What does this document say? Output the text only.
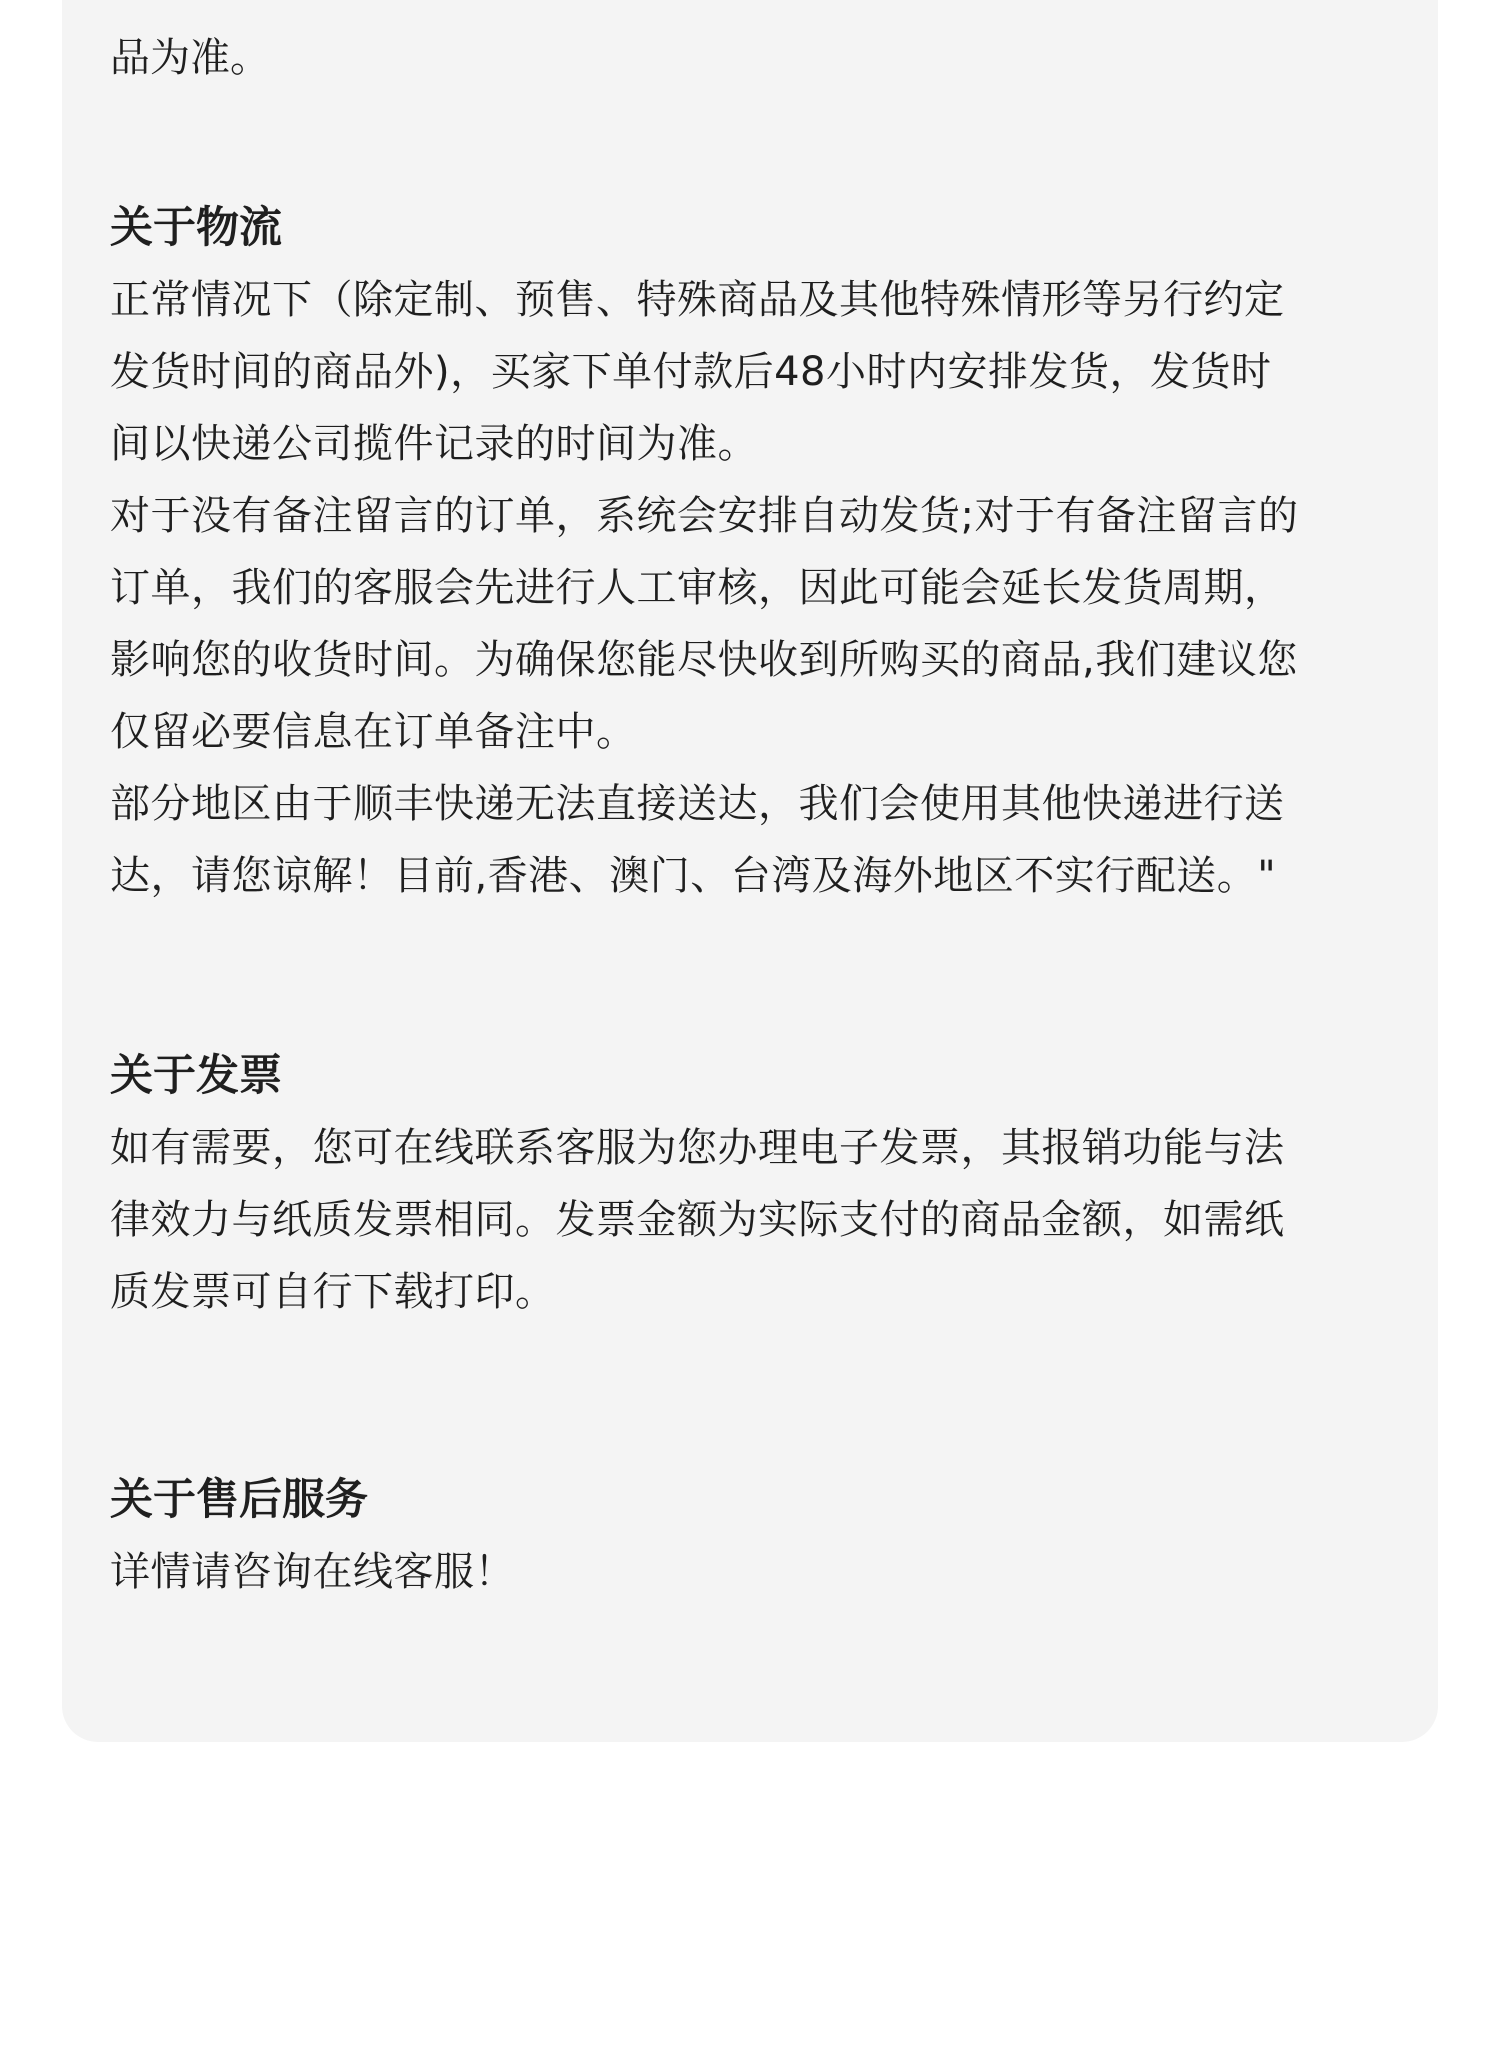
品为准。

关于物流

正常情况下（除定制、预售、特殊商品及其他特殊情形等另行约定

发货时间的商品外)，买家下单付款后48小时内安排发货，发货时

间以快递公司揽件记录的时间为准。

对于没有备注留言的订单，系统会安排自动发货;对于有备注留言的

订单，我们的客服会先进行人工审核，因此可能会延长发货周期，

影响您的收货时间。为确保您能尽快收到所购买的商品,我们建议您

仅留必要信息在订单备注中。

部分地区由于顺丰快递无法直接送达，我们会使用其他快递进行送

达，请您谅解！目前,香港、澳门、台湾及海外地区不实行配送。"

关于发票

如有需要，您可在线联系客服为您办理电子发票，其报销功能与法

律效力与纸质发票相同。发票金额为实际支付的商品金额，如需纸

质发票可自行下载打印。

关于售后服务

详情请咨询在线客服！
